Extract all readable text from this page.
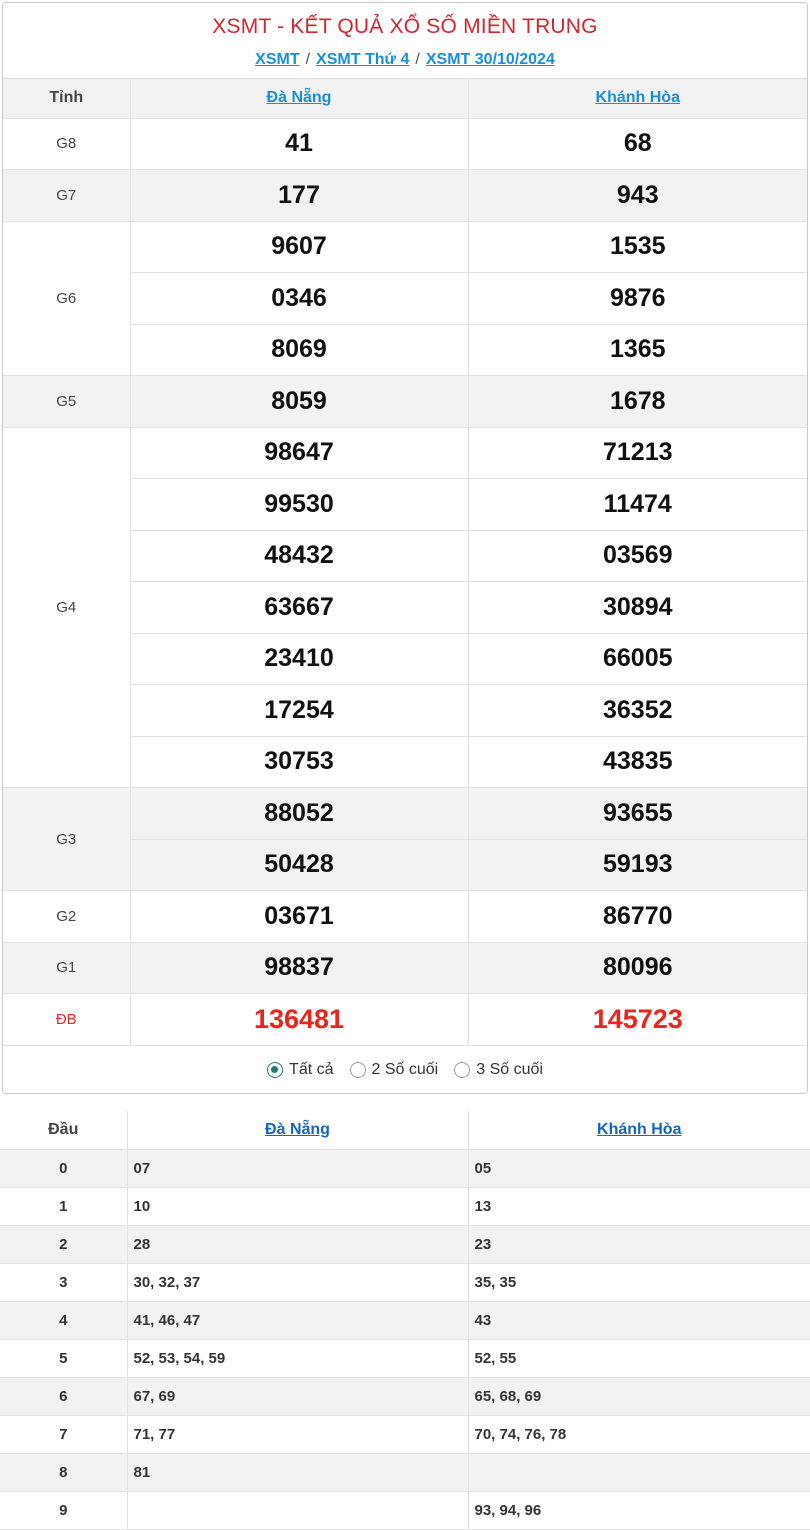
XSMT - KẾT QUẢ XỔ SỐ MIỀN TRUNG
XSMT / XSMT Thứ 4 / XSMT 30/10/2024
Tỉnh	Đà Nẵng	Khánh Hòa
G8	41	68
G7	177	943
G6	9607	1535
	0346	9876
	8069	1365
G5	8059	1678
G4	98647	71213
	99530	11474
	48432	03569
	63667	30894
	23410	66005
	17254	36352
	30753	43835
G3	88052	93655
	50428	59193
G2	03671	86770
G1	98837	80096
ĐB	136481	145723
Tất cả 2 Số cuối 3 Số cuối
Đầu	Đà Nẵng	Khánh Hòa
0	07	05
1	10	13
2	28	23
3	30, 32, 37	35, 35
4	41, 46, 47	43
5	52, 53, 54, 59	52, 55
6	67, 69	65, 68, 69
7	71, 77	70, 74, 76, 78
8	81	
9		93, 94, 96
